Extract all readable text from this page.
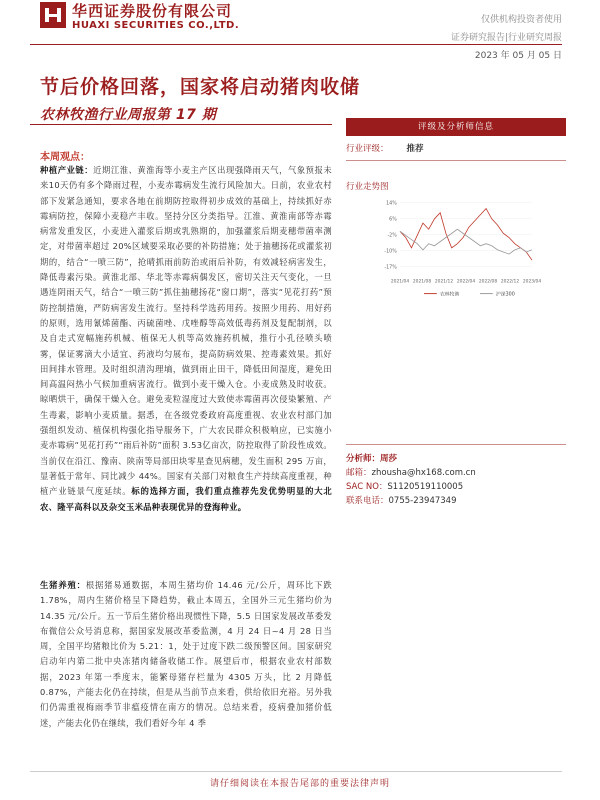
华西证券股份有限公司
HUAXI SECURITIES CO.,LTD.	仅供机构投资者使用
证券研究报告|行业研究周报
2023 年 05 月 05 日
节后价格回落，国家将启动猪肉收储
农林牧渔行业周报第 17 期
本周观点：
种植产业链：近期江淮、黄淮海等小麦主产区出现强降雨天气，气象预报未来10天仍有多个降雨过程，小麦赤霉病发生流行风险加大。日前，农业农村部下发紧急通知，要求各地在前期防控取得初步成效的基础上，持续抓好赤霉病防控，保障小麦稳产丰收。坚持分区分类指导。江淮、黄淮南部等赤霉病常发重发区，小麦进入灌浆后期或乳熟期的，加强灌浆后期麦穗带菌率测定，对带菌率超过 20%区域要采取必要的补防措施；处于抽穗扬花或灌浆初期的，结合“一喷三防”，抢晴抓雨前防治或雨后补防，有效减轻病害发生，降低毒素污染。黄淮北部、华北等赤霉病偶发区，密切关注天气变化，一旦遇连阴雨天气，结合“一喷三防”抓住抽穗扬花“窗口期”，落实“见花打药”预防控制措施，严防病害发生流行。坚持科学选药用药。按照少用药、用好药的原则，选用氰烯菌酯、丙硫菌唑、戊唑醇等高效低毒药剂及复配制剂，以及自走式宽幅施药机械、植保无人机等高效施药机械，推行小孔径喷头喷雾，保证雾滴大小适宜、药液均匀展布，提高防病效果、控毒素效果。抓好田间排水管理。及时组织清沟理墒，做到雨止田干，降低田间湿度，避免田间高温闷热小气候加重病害流行。做到小麦干燥入仓。小麦成熟及时收获。晾晒烘干，确保干燥入仓。避免麦粒湿度过大致使赤霉菌再次侵染繁殖、产生毒素，影响小麦质量。据悉，在各级党委政府高度重视、农业农村部门加强组织发动、植保机构强化指导服务下，广大农民群众积极响应，已实施小麦赤霉病“见花打药”“雨后补防”面积 3.53亿亩次，防控取得了阶段性成效。当前仅在沿江、豫南、陕南等局部田块零星查见病穗，发生面积 295 万亩，显著低于常年、同比减少 44%。国家有关部门对粮食生产持续高度重视，种植产业链景气度延续。标的选择方面，我们重点推荐先发优势明显的大北农、隆平高科以及杂交玉米品种表现优异的登海种业。
生猪养殖：根据猪易通数据，本周生猪均价 14.46 元/公斤，周环比下跌 1.78%，周内生猪价格呈下降趋势，截止本周五，全国外三元生猪均价为 14.35 元/公斤。五一节后生猪价格出现惯性下降，5.5 日国家发展改革委发布微信公众号消息称，据国家发展改革委监测，4 月 24 日~4 月 28 日当周，全国平均猪粮比价为 5.21：1，处于过度下跌二级预警区间。国家研究启动年内第二批中央冻猪肉储备收储工作。展望后市，根据农业农村部数据，2023 年第一季度末，能繁母猪存栏量为 4305 万头，比 2 月降低 0.87%，产能去化仍在持续，但是从当前节点来看，供给依旧充裕。另外我们仍需重视梅雨季节非瘟疫情在南方的情况。总结来看，疫病叠加猪价低迷，产能去化仍在继续，我们看好今年 4 季
评级及分析师信息
行业评级： 推荐
行业走势图
14%
6%
-2%
-10%
-17%
2021/04 2021/08 2021/12 2022/04 2022/08 2022/12 2023/04
农林牧渔	沪深300
分析师：周莎
邮箱：zhousha@hx168.com.cn
SAC NO：S1120519110005
联系电话：0755-23947349
请仔细阅读在本报告尾部的重要法律声明
